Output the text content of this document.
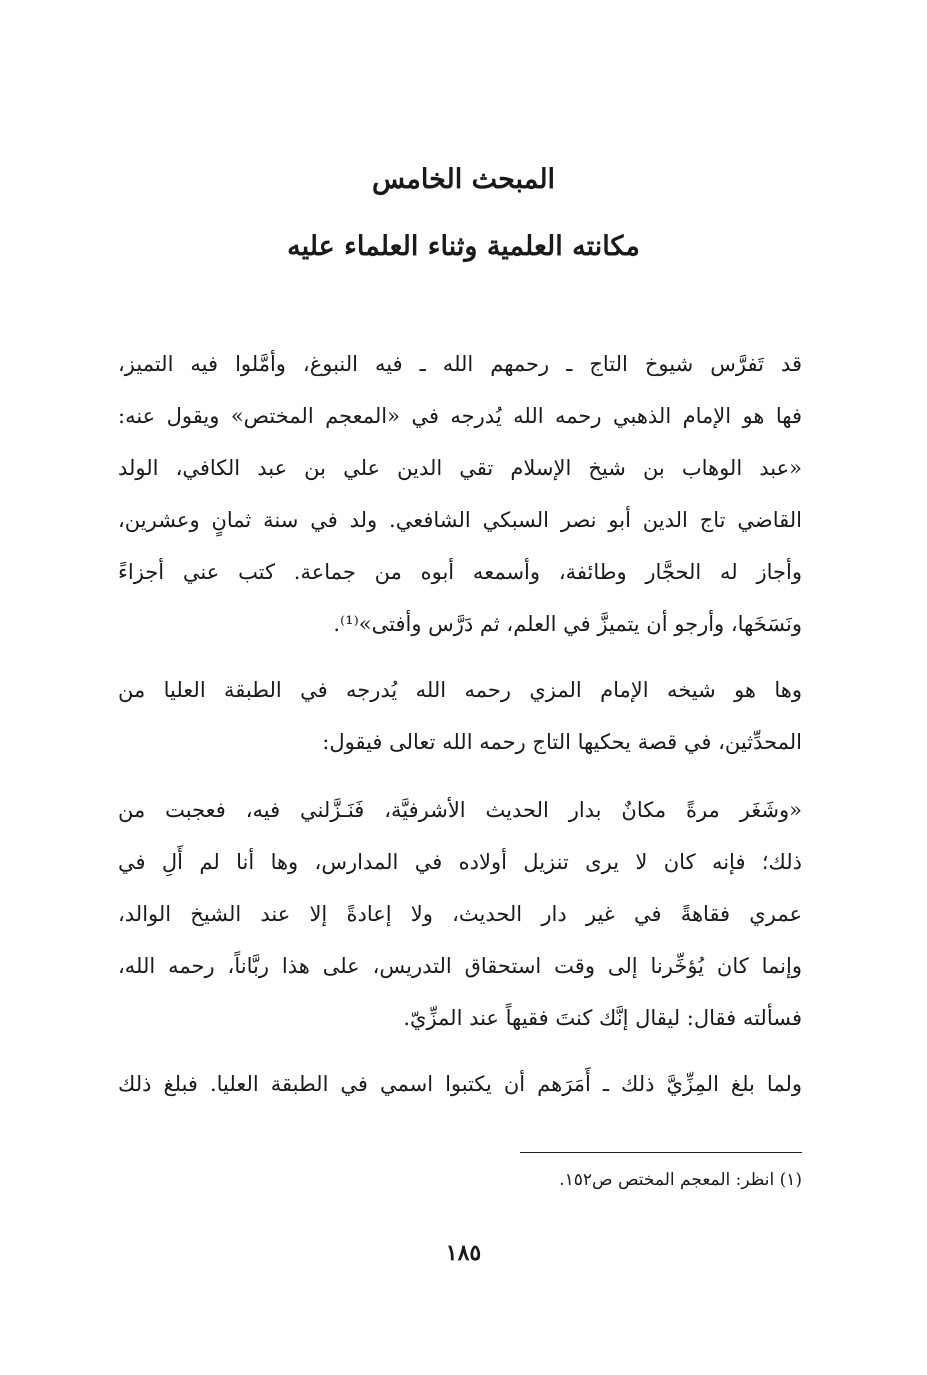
المبحث الخامس
مكانته العلمية وثناء العلماء عليه

قد تَفرَّس شيوخ التاج ـ رحمهم الله ـ فيه النبوغ، وأمَّلوا فيه التميز،
فها هو الإمام الذهبي رحمه الله يُدرجه في «المعجم المختص» ويقول عنه:
«عبد الوهاب بن شيخ الإسلام تقي الدين علي بن عبد الكافي، الولد
القاضي تاج الدين أبو نصر السبكي الشافعي. ولد في سنة ثمانٍ وعشرين،
وأجاز له الحجَّار وطائفة، وأسمعه أبوه من جماعة. كتب عني أجزاءً
ونَسَخَها، وأرجو أن يتميزَّ في العلم، ثم دَرَّس وأفتى»⁽¹⁾.

وها هو شيخه الإمام المزي رحمه الله يُدرجه في الطبقة العليا من
المحدِّثين، في قصة يحكيها التاج رحمه الله تعالى فيقول:

«وشَغَر مرةً مكانٌ بدار الحديث الأشرفيَّة، فَنَـزَّلني فيه، فعجبت من
ذلك؛ فإنه كان لا يرى تنزيل أولاده في المدارس، وها أنا لم أَلِ في
عمري فقاهةً في غير دار الحديث، ولا إعادةً إلا عند الشيخ الوالد،
وإنما كان يُؤخِّرنا إلى وقت استحقاق التدريس، على هذا ربَّاناً، رحمه الله،
فسألته فقال: ليقال إنَّك كنتَ فقيهاً عند المزِّيّ.

ولما بلغ المِزِّيَّ ذلك ـ أَمَرَهم أن يكتبوا اسمي في الطبقة العليا. فبلغ ذلك

(١) انظر: المعجم المختص ص١٥٢.
١٨٥
